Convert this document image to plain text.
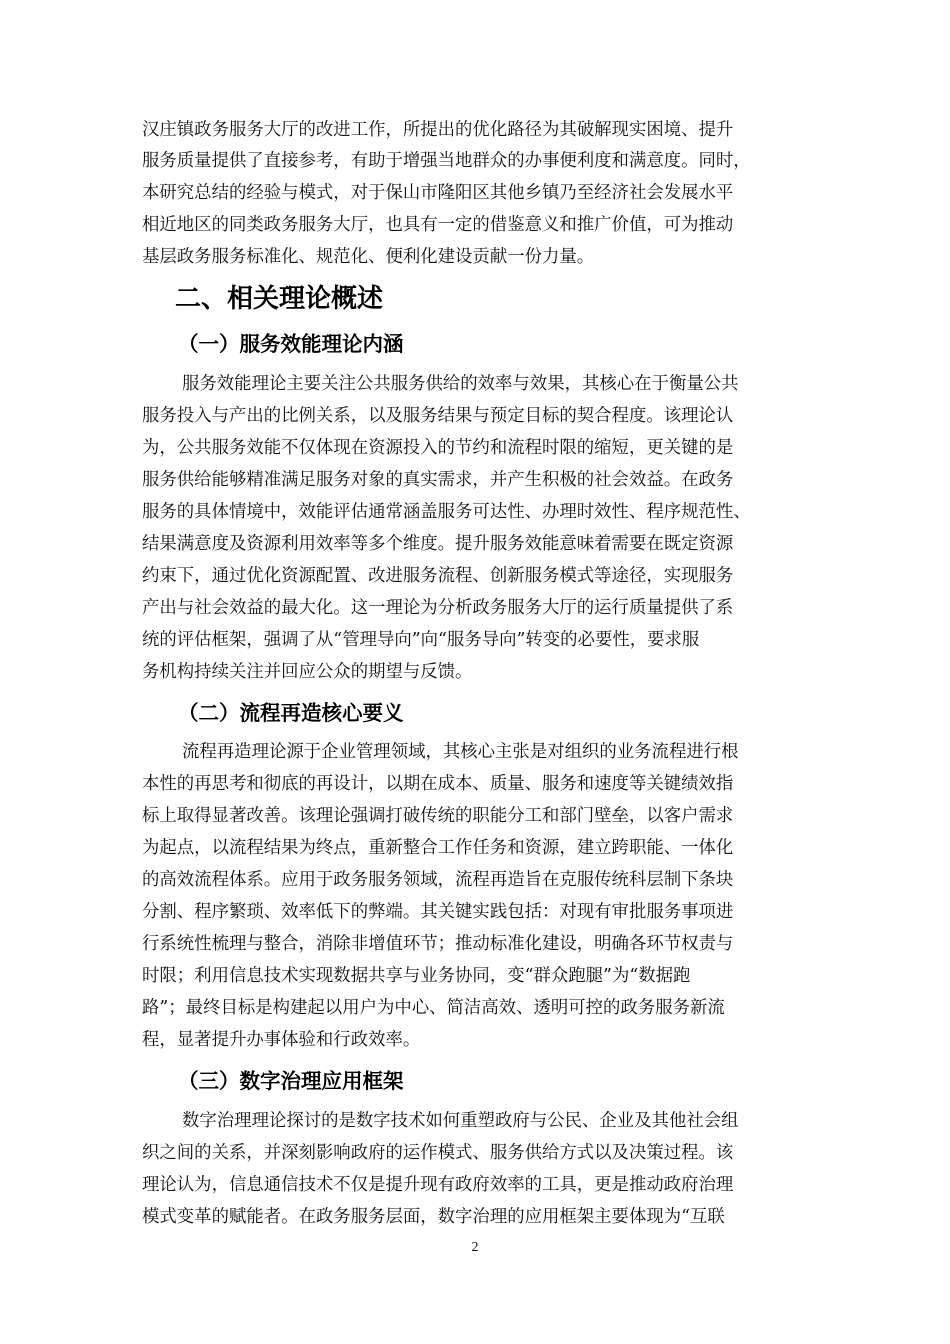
汉庄镇政务服务大厅的改进工作，所提出的优化路径为其破解现实困境、提升
服务质量提供了直接参考，有助于增强当地群众的办事便利度和满意度。同时，
本研究总结的经验与模式，对于保山市隆阳区其他乡镇乃至经济社会发展水平
相近地区的同类政务服务大厅，也具有一定的借鉴意义和推广价值，可为推动
基层政务服务标准化、规范化、便利化建设贡献一份力量。
二、相关理论概述
（一）服务效能理论内涵
服务效能理论主要关注公共服务供给的效率与效果，其核心在于衡量公共
服务投入与产出的比例关系，以及服务结果与预定目标的契合程度。该理论认
为，公共服务效能不仅体现在资源投入的节约和流程时限的缩短，更关键的是
服务供给能够精准满足服务对象的真实需求，并产生积极的社会效益。在政务
服务的具体情境中，效能评估通常涵盖服务可达性、办理时效性、程序规范性、
结果满意度及资源利用效率等多个维度。提升服务效能意味着需要在既定资源
约束下，通过优化资源配置、改进服务流程、创新服务模式等途径，实现服务
产出与社会效益的最大化。这一理论为分析政务服务大厅的运行质量提供了系
统的评估框架，强调了从“管理导向”向“服务导向”转变的必要性，要求服
务机构持续关注并回应公众的期望与反馈。
（二）流程再造核心要义
流程再造理论源于企业管理领域，其核心主张是对组织的业务流程进行根
本性的再思考和彻底的再设计，以期在成本、质量、服务和速度等关键绩效指
标上取得显著改善。该理论强调打破传统的职能分工和部门壁垒，以客户需求
为起点，以流程结果为终点，重新整合工作任务和资源，建立跨职能、一体化
的高效流程体系。应用于政务服务领域，流程再造旨在克服传统科层制下条块
分割、程序繁琐、效率低下的弊端。其关键实践包括：对现有审批服务事项进
行系统性梳理与整合，消除非增值环节；推动标准化建设，明确各环节权责与
时限；利用信息技术实现数据共享与业务协同，变“群众跑腿”为“数据跑
路”；最终目标是构建起以用户为中心、简洁高效、透明可控的政务服务新流
程，显著提升办事体验和行政效率。
（三）数字治理应用框架
数字治理理论探讨的是数字技术如何重塑政府与公民、企业及其他社会组
织之间的关系，并深刻影响政府的运作模式、服务供给方式以及决策过程。该
理论认为，信息通信技术不仅是提升现有政府效率的工具，更是推动政府治理
模式变革的赋能者。在政务服务层面，数字治理的应用框架主要体现为“互联
2
